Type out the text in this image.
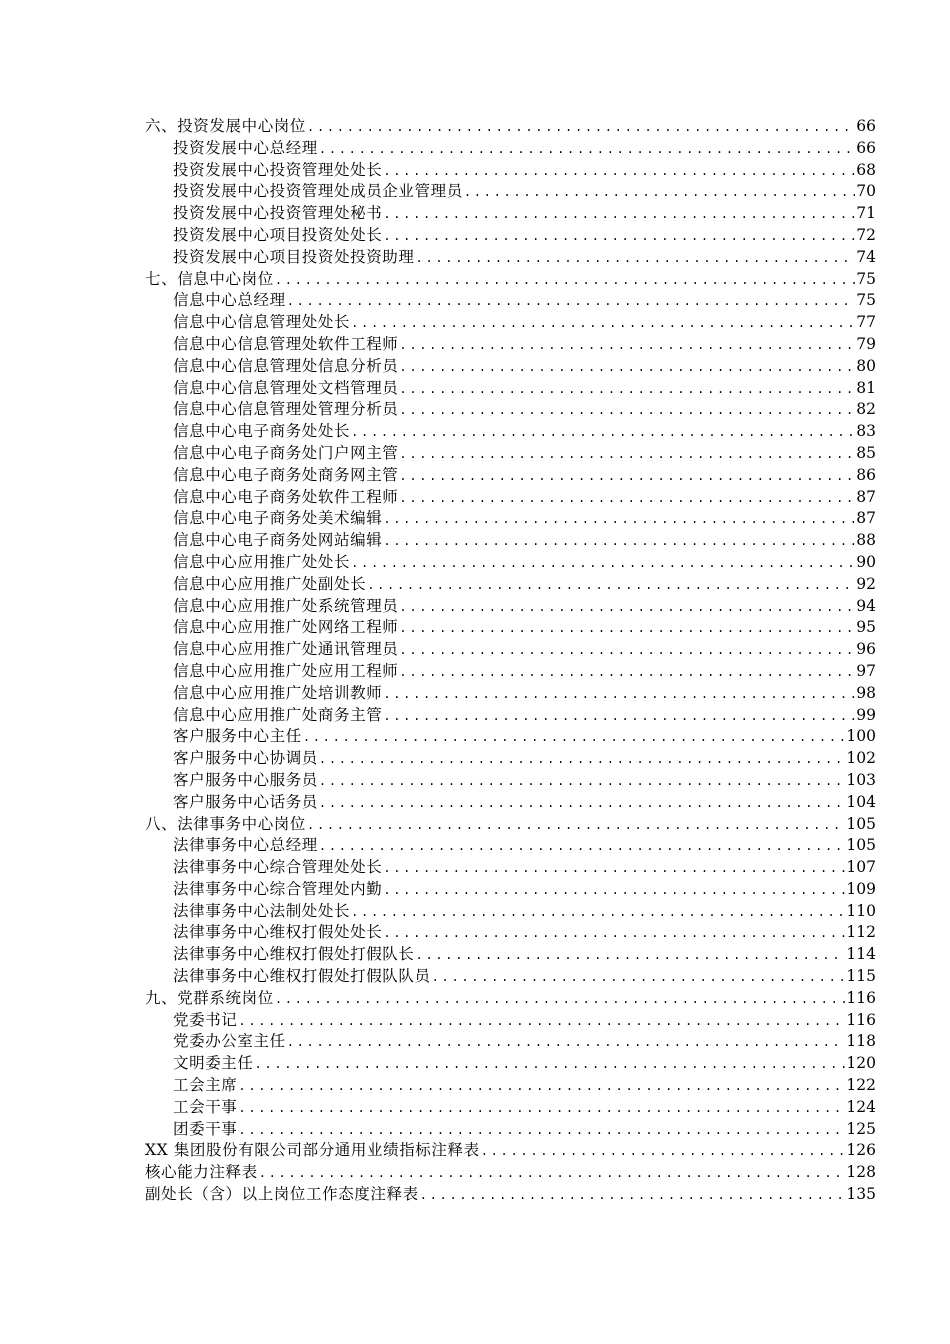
六、投资发展中心岗位 .....	66
投资发展中心总经理 .....	66
投资发展中心投资管理处处长 .....	68
投资发展中心投资管理处成员企业管理员 .....	70
投资发展中心投资管理处秘书 .....	71
投资发展中心项目投资处处长 .....	72
投资发展中心项目投资处投资助理 .....	74
七、信息中心岗位 .....	75
信息中心总经理 .....	75
信息中心信息管理处处长 .....	77
信息中心信息管理处软件工程师 .....	79
信息中心信息管理处信息分析员 .....	80
信息中心信息管理处文档管理员 .....	81
信息中心信息管理处管理分析员 .....	82
信息中心电子商务处处长 .....	83
信息中心电子商务处门户网主管 .....	85
信息中心电子商务处商务网主管 .....	86
信息中心电子商务处软件工程师 .....	87
信息中心电子商务处美术编辑 .....	87
信息中心电子商务处网站编辑 .....	88
信息中心应用推广处处长 .....	90
信息中心应用推广处副处长 .....	92
信息中心应用推广处系统管理员 .....	94
信息中心应用推广处网络工程师 .....	95
信息中心应用推广处通讯管理员 .....	96
信息中心应用推广处应用工程师 .....	97
信息中心应用推广处培训教师 .....	98
信息中心应用推广处商务主管 .....	99
客户服务中心主任 .....	100
客户服务中心协调员 .....	102
客户服务中心服务员 .....	103
客户服务中心话务员 .....	104
八、法律事务中心岗位 .....	105
法律事务中心总经理 .....	105
法律事务中心综合管理处处长 .....	107
法律事务中心综合管理处内勤 .....	109
法律事务中心法制处处长 .....	110
法律事务中心维权打假处处长 .....	112
法律事务中心维权打假处打假队长 .....	114
法律事务中心维权打假处打假队队员 .....	115
九、党群系统岗位 .....	116
党委书记 .....	116
党委办公室主任 .....	118
文明委主任 .....	120
工会主席 .....	122
工会干事 .....	124
团委干事 .....	125
XX 集团股份有限公司部分通用业绩指标注释表 .....	126
核心能力注释表 .....	128
副处长（含）以上岗位工作态度注释表 .....	135
